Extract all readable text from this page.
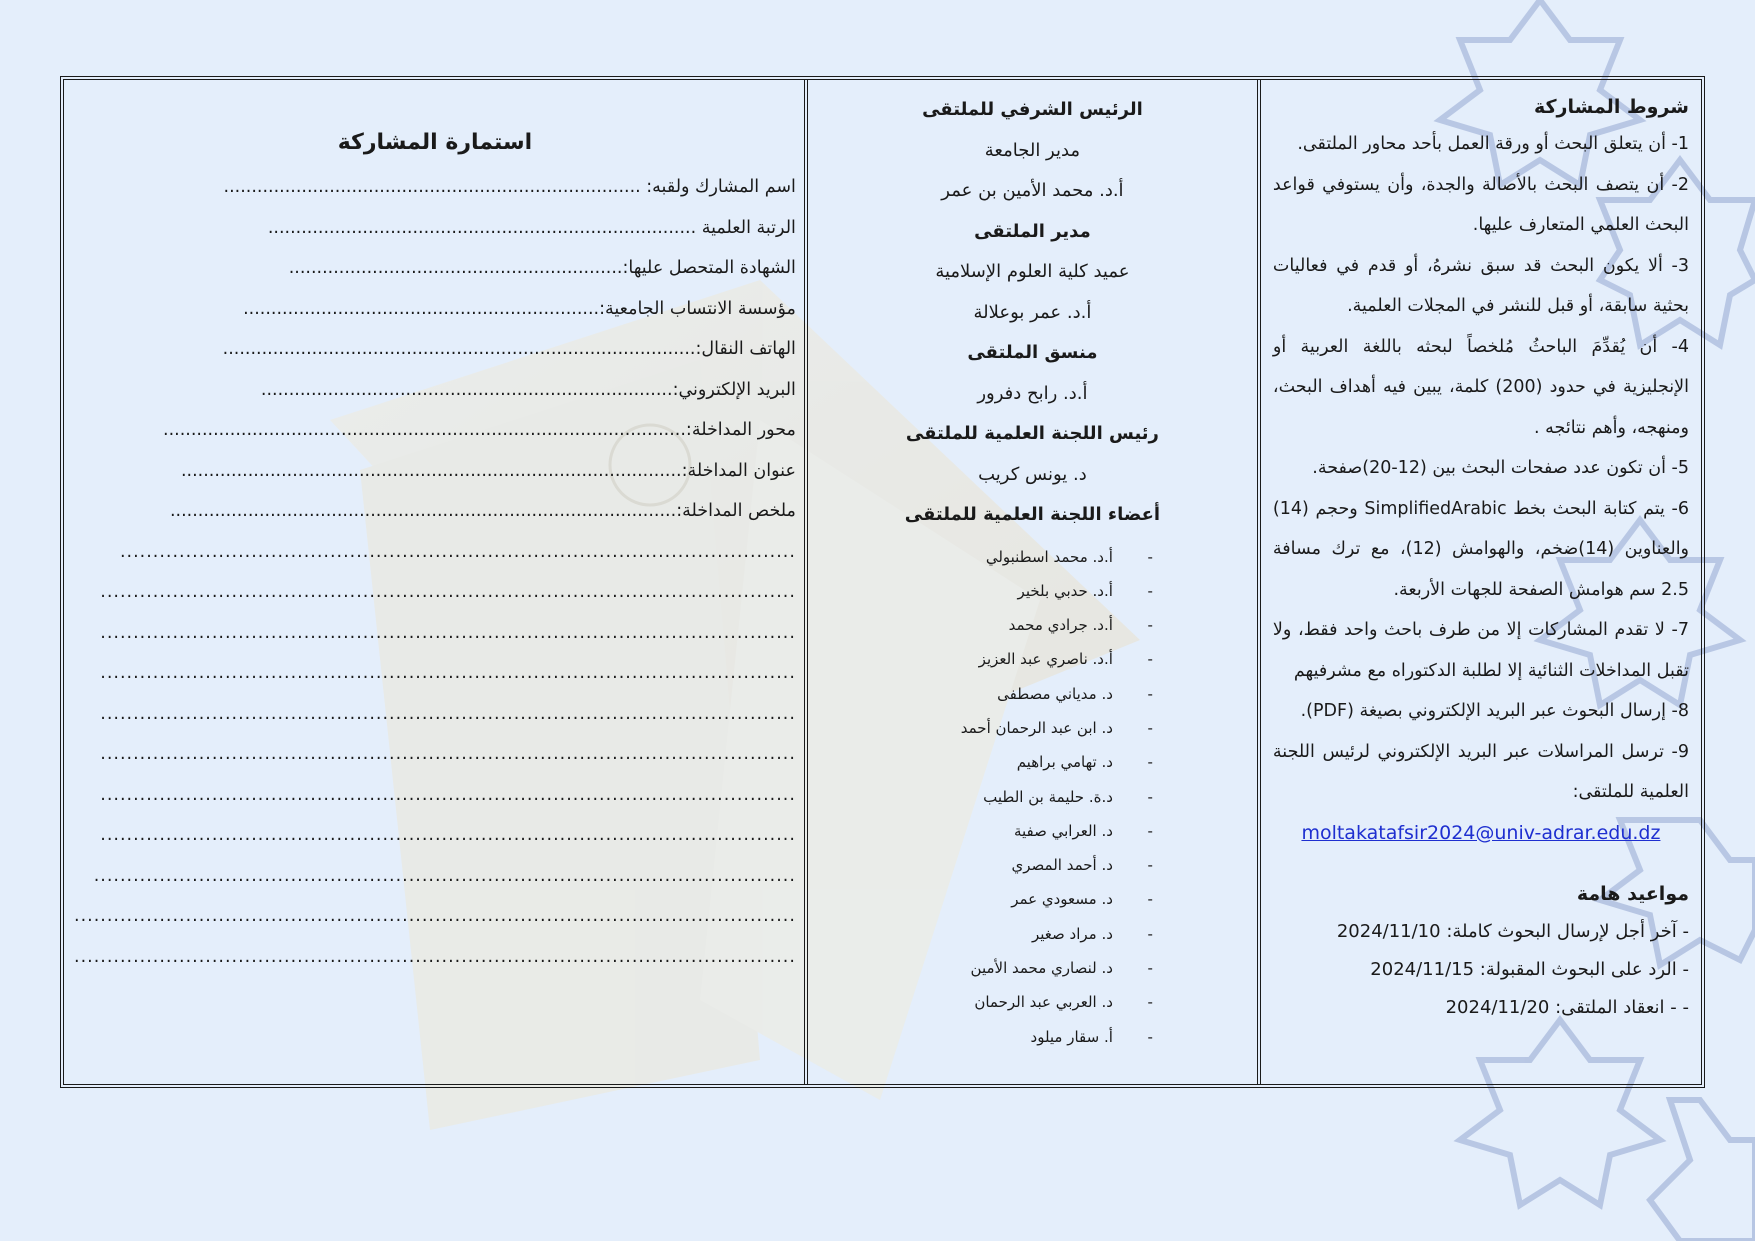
شروط المشاركة
1- أن يتعلق البحث أو ورقة العمل بأحد محاور الملتقى.
2- أن يتصف البحث بالأصالة والجدة، وأن يستوفي قواعد البحث العلمي المتعارف عليها.
3- ألا يكون البحث قد سبق نشرهُ، أو قدم في فعاليات بحثية سابقة، أو قبل للنشر في المجلات العلمية.
4- أن يُقدِّمَ الباحثُ مُلخصاً لبحثه باللغة العربية أو الإنجليزية في حدود (200) كلمة، يبين فيه أهداف البحث، ومنهجه، وأهم نتائجه .
5- أن تكون عدد صفحات البحث بين (12-20)صفحة.
6- يتم كتابة البحث بخط SimplifiedArabic وحجم (14) والعناوين (14)ضخم، والهوامش (12)، مع ترك مسافة 2.5 سم هوامش الصفحة للجهات الأربعة.
7- لا تقدم المشاركات إلا من طرف باحث واحد فقط، ولا تقبل المداخلات الثنائية إلا لطلبة الدكتوراه مع مشرفيهم
8- إرسال البحوث عبر البريد الإلكتروني بصيغة (PDF).
9- ترسل المراسلات عبر البريد الإلكتروني لرئيس اللجنة العلمية للملتقى:
moltakatafsir2024@univ-adrar.edu.dz
مواعيد هامة
- آخر أجل لإرسال البحوث كاملة: 2024/11/10
- الرد على البحوث المقبولة: 2024/11/15
- - انعقاد الملتقى: 2024/11/20
الرئيس الشرفي للملتقى
مدير الجامعة
أ.د. محمد الأمين بن عمر
مدير الملتقى
عميد كلية العلوم الإسلامية
أ.د. عمر بوعلالة
منسق الملتقى
أ.د. رابح دفرور
رئيس اللجنة العلمية للملتقى
د. يونس كريب
أعضاء اللجنة العلمية للملتقى
-أ.د. محمد اسطنبولي
-أ.د. حدبي بلخير
-أ.د. جرادي محمد
-أ.د. ناصري عبد العزيز
-د. مدياني مصطفى
-د. ابن عبد الرحمان أحمد
-د. تهامي براهيم
-د.ة. حليمة بن الطيب
-د. العرابي صفية
-د. أحمد المصري
-د. مسعودي عمر
-د. مراد صغير
-د. لنصاري محمد الأمين
-د. العربي عبد الرحمان
-أ. سقار ميلود
استمارة المشاركة
اسم المشارك ولقبه: ...........................................................................
الرتبة العلمية .............................................................................
الشهادة المتحصل عليها:............................................................
مؤسسة الانتساب الجامعية:................................................................
الهاتف النقال:.....................................................................................
البريد الإلكتروني:..........................................................................
محور المداخلة:..............................................................................................
عنوان المداخلة:..........................................................................................
ملخص المداخلة:...........................................................................................
.......................................................................................................
..........................................................................................................
..........................................................................................................
..........................................................................................................
..........................................................................................................
..........................................................................................................
..........................................................................................................
..........................................................................................................
...........................................................................................................
..............................................................................................................
..............................................................................................................
